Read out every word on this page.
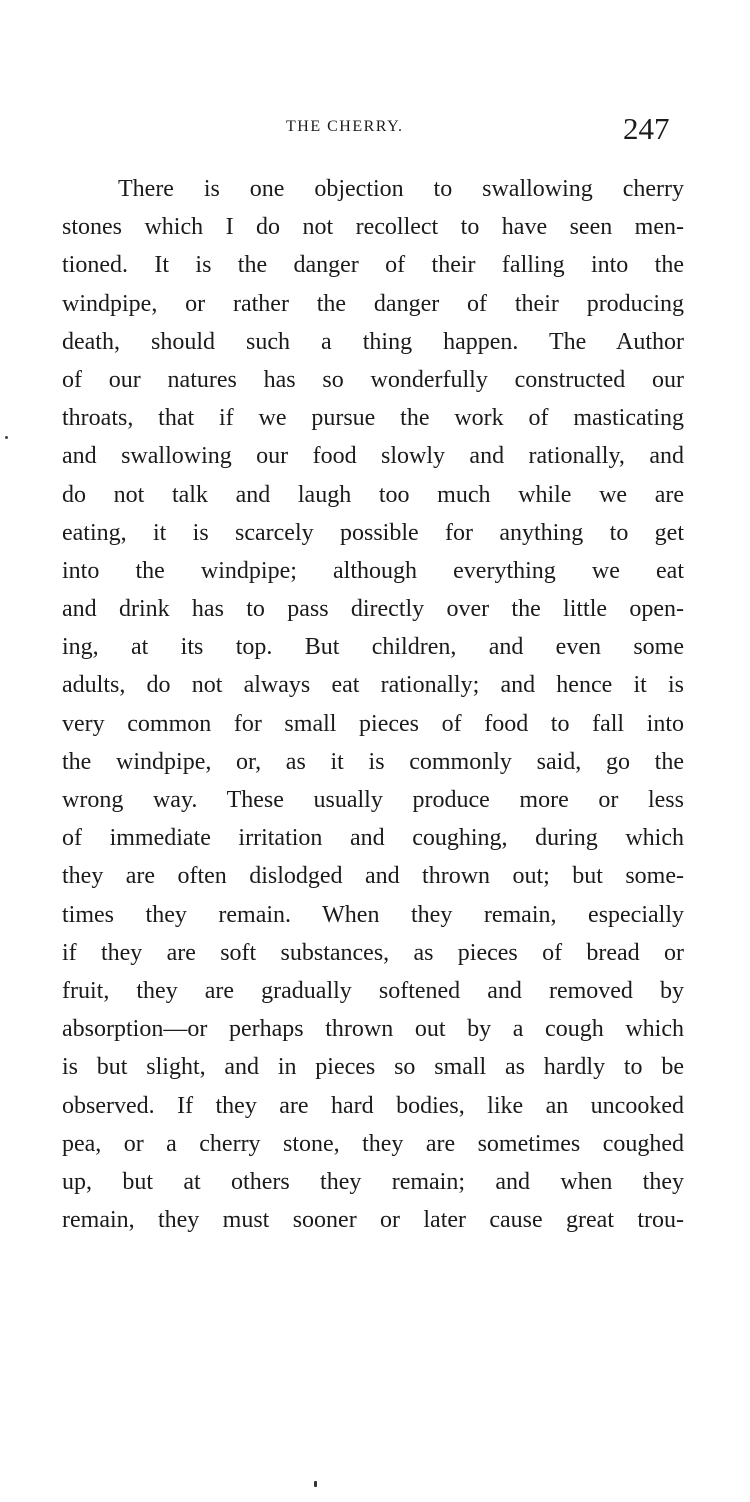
THE CHERRY.	247
There is one objection to swallowing cherry
stones which I do not recollect to have seen men-
tioned. It is the danger of their falling into the
windpipe, or rather the danger of their producing
death, should such a thing happen. The Author
of our natures has so wonderfully constructed our
throats, that if we pursue the work of masticating
and swallowing our food slowly and rationally, and
do not talk and laugh too much while we are
eating, it is scarcely possible for anything to get
into the windpipe; although everything we eat
and drink has to pass directly over the little open-
ing, at its top. But children, and even some
adults, do not always eat rationally; and hence it is
very common for small pieces of food to fall into
the windpipe, or, as it is commonly said, go the
wrong way. These usually produce more or less
of immediate irritation and coughing, during which
they are often dislodged and thrown out; but some-
times they remain. When they remain, especially
if they are soft substances, as pieces of bread or
fruit, they are gradually softened and removed by
absorption—or perhaps thrown out by a cough which
is but slight, and in pieces so small as hardly to be
observed. If they are hard bodies, like an uncooked
pea, or a cherry stone, they are sometimes coughed
up, but at others they remain; and when they
remain, they must sooner or later cause great trou-
